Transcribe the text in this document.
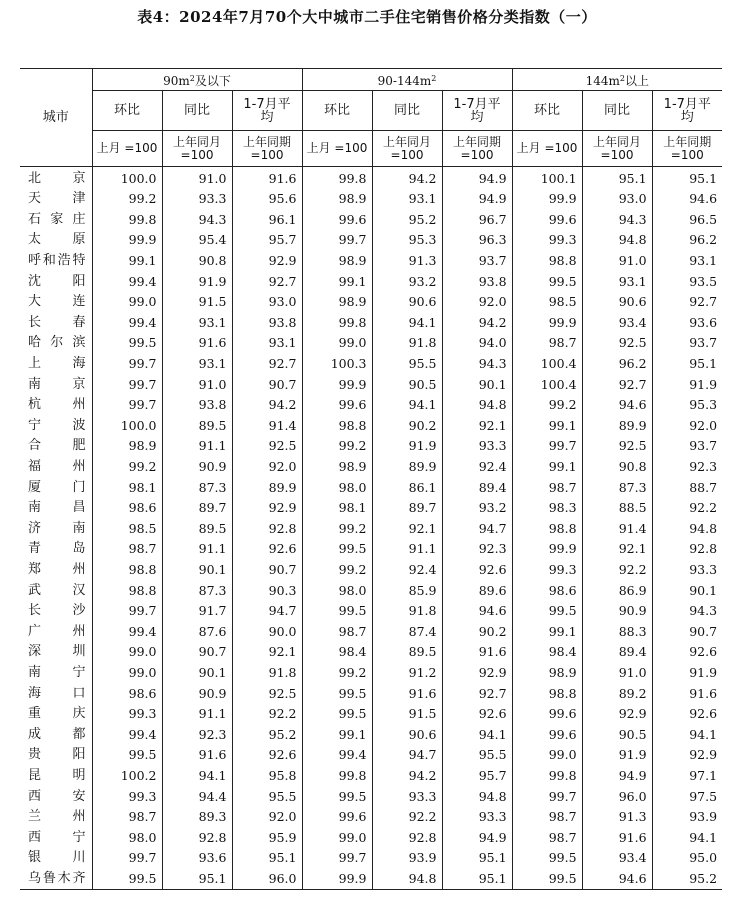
表4：2024年7月70个大中城市二手住宅销售价格分类指数（一）
城市	$90m^2$及以下			$90-144m^2$			$144m^2$以上		
	环比	同比	1-7月平均	环比	同比	1-7月平均	环比	同比	1-7月平均
	上月 =100	上年同月 =100	上年同期 =100	上月 =100	上年同月 =100	上年同期 =100	上月 =100	上年同月 =100	上年同期 =100
北京	100.0	91.0	91.6	99.8	94.2	94.9	100.1	95.1	95.1
天津	99.2	93.3	95.6	98.9	93.1	94.9	99.9	93.0	94.6
石家庄	99.8	94.3	96.1	99.6	95.2	96.7	99.6	94.3	96.5
太原	99.9	95.4	95.7	99.7	95.3	96.3	99.3	94.8	96.2
呼和浩特	99.1	90.8	92.9	98.9	91.3	93.7	98.8	91.0	93.1
沈阳	99.4	91.9	92.7	99.1	93.2	93.8	99.5	93.1	93.5
大连	99.0	91.5	93.0	98.9	90.6	92.0	98.5	90.6	92.7
长春	99.4	93.1	93.8	99.8	94.1	94.2	99.9	93.4	93.6
哈尔滨	99.5	91.6	93.1	99.0	91.8	94.0	98.7	92.5	93.7
上海	99.7	93.1	92.7	100.3	95.5	94.3	100.4	96.2	95.1
南京	99.7	91.0	90.7	99.9	90.5	90.1	100.4	92.7	91.9
杭州	99.7	93.8	94.2	99.6	94.1	94.8	99.2	94.6	95.3
宁波	100.0	89.5	91.4	98.8	90.2	92.1	99.1	89.9	92.0
合肥	98.9	91.1	92.5	99.2	91.9	93.3	99.7	92.5	93.7
福州	99.2	90.9	92.0	98.9	89.9	92.4	99.1	90.8	92.3
厦门	98.1	87.3	89.9	98.0	86.1	89.4	98.7	87.3	88.7
南昌	98.6	89.7	92.9	98.1	89.7	93.2	98.3	88.5	92.2
济南	98.5	89.5	92.8	99.2	92.1	94.7	98.8	91.4	94.8
青岛	98.7	91.1	92.6	99.5	91.1	92.3	99.9	92.1	92.8
郑州	98.8	90.1	90.7	99.2	92.4	92.6	99.3	92.2	93.3
武汉	98.8	87.3	90.3	98.0	85.9	89.6	98.6	86.9	90.1
长沙	99.7	91.7	94.7	99.5	91.8	94.6	99.5	90.9	94.3
广州	99.4	87.6	90.0	98.7	87.4	90.2	99.1	88.3	90.7
深圳	99.0	90.7	92.1	98.4	89.5	91.6	98.4	89.4	92.6
南宁	99.0	90.1	91.8	99.2	91.2	92.9	98.9	91.0	91.9
海口	98.6	90.9	92.5	99.5	91.6	92.7	98.8	89.2	91.6
重庆	99.3	91.1	92.2	99.5	91.5	92.6	99.6	92.9	92.6
成都	99.4	92.3	95.2	99.1	90.6	94.1	99.6	90.5	94.1
贵阳	99.5	91.6	92.6	99.4	94.7	95.5	99.0	91.9	92.9
昆明	100.2	94.1	95.8	99.8	94.2	95.7	99.8	94.9	97.1
西安	99.3	94.4	95.5	99.5	93.3	94.8	99.7	96.0	97.5
兰州	98.7	89.3	92.0	99.6	92.2	93.3	98.7	91.3	93.9
西宁	98.0	92.8	95.9	99.0	92.8	94.9	98.7	91.6	94.1
银川	99.7	93.6	95.1	99.7	93.9	95.1	99.5	93.4	95.0
乌鲁木齐	99.5	95.1	96.0	99.9	94.8	95.1	99.5	94.6	95.2
